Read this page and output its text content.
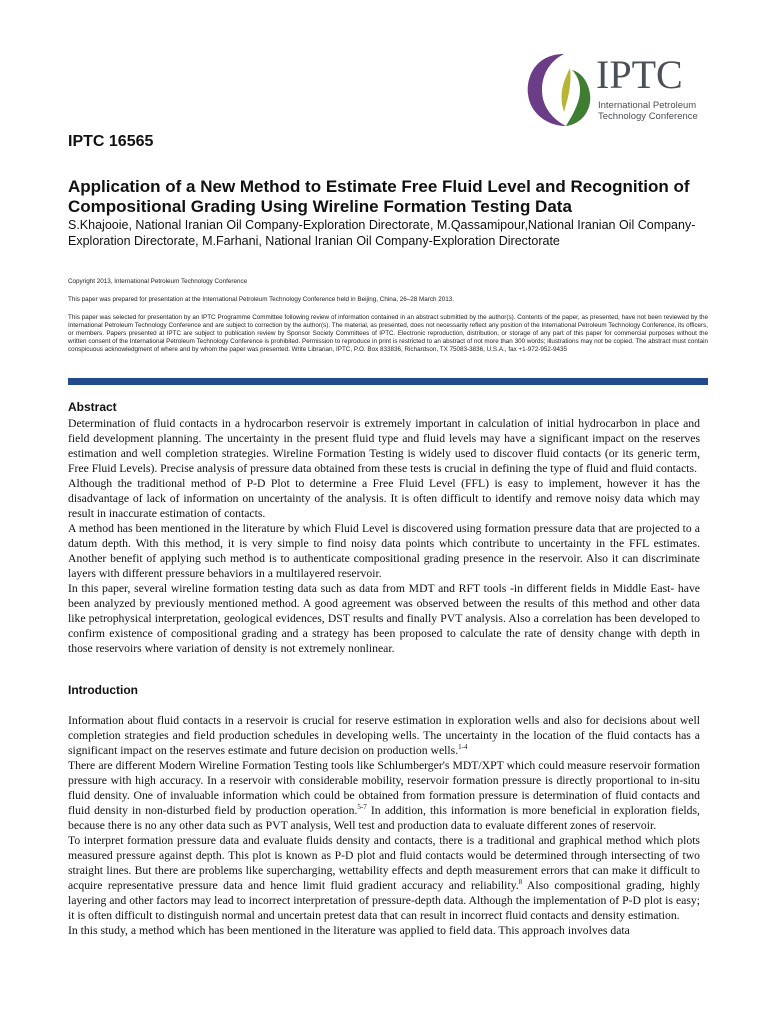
IPTC
International Petroleum
Technology Conference
IPTC 16565
Application of a New Method to Estimate Free Fluid Level and Recognition of Compositional Grading Using Wireline Formation Testing Data
S.Khajooie, National Iranian Oil Company-Exploration Directorate, M.Qassamipour,National Iranian Oil Company-Exploration Directorate, M.Farhani, National Iranian Oil Company-Exploration Directorate
Copyright 2013, International Petroleum Technology Conference
This paper was prepared for presentation at the International Petroleum Technology Conference held in Beijing, China, 26–28 March 2013.
This paper was selected for presentation by an IPTC Programme Committee following review of information contained in an abstract submitted by the author(s). Contents of the paper, as presented, have not been reviewed by the International Petroleum Technology Conference and are subject to correction by the author(s). The material, as presented, does not necessarily reflect any position of the International Petroleum Technology Conference, its officers, or members. Papers presented at IPTC are subject to publication review by Sponsor Society Committees of IPTC. Electronic reproduction, distribution, or storage of any part of this paper for commercial purposes without the written consent of the International Petroleum Technology Conference is prohibited. Permission to reproduce in print is restricted to an abstract of not more than 300 words; illustrations may not be copied. The abstract must contain conspicuous acknowledgment of where and by whom the paper was presented. Write Librarian, IPTC, P.O. Box 833836, Richardson, TX 75083-3836, U.S.A., fax +1-972-952-9435
Abstract

Determination of fluid contacts in a hydrocarbon reservoir is extremely important in calculation of initial hydrocarbon in place and field development planning. The uncertainty in the present fluid type and fluid levels may have a significant impact on the reserves estimation and well completion strategies. Wireline Formation Testing is widely used to discover fluid contacts (or its generic term, Free Fluid Levels). Precise analysis of pressure data obtained from these tests is crucial in defining the type of fluid and fluid contacts.

Although the traditional method of P-D Plot to determine a Free Fluid Level (FFL) is easy to implement, however it has the disadvantage of lack of information on uncertainty of the analysis. It is often difficult to identify and remove noisy data which may result in inaccurate estimation of contacts.

A method has been mentioned in the literature by which Fluid Level is discovered using formation pressure data that are projected to a datum depth. With this method, it is very simple to find noisy data points which contribute to uncertainty in the FFL estimates. Another benefit of applying such method is to authenticate compositional grading presence in the reservoir. Also it can discriminate layers with different pressure behaviors in a multilayered reservoir.

In this paper, several wireline formation testing data such as data from MDT and RFT tools -in different fields in Middle East- have been analyzed by previously mentioned method. A good agreement was observed between the results of this method and other data like petrophysical interpretation, geological evidences, DST results and finally PVT analysis. Also a correlation has been developed to confirm existence of compositional grading and a strategy has been proposed to calculate the rate of density change with depth in those reservoirs where variation of density is not extremely nonlinear.

Introduction

Information about fluid contacts in a reservoir is crucial for reserve estimation in exploration wells and also for decisions about well completion strategies and field production schedules in developing wells. The uncertainty in the location of the fluid contacts has a significant impact on the reserves estimate and future decision on production wells.$^{1-4}$

There are different Modern Wireline Formation Testing tools like Schlumberger's MDT/XPT which could measure reservoir formation pressure with high accuracy. In a reservoir with considerable mobility, reservoir formation pressure is directly proportional to in-situ fluid density. One of invaluable information which could be obtained from formation pressure is determination of fluid contacts and fluid density in non-disturbed field by production operation.$^{5-7}$ In addition, this information is more beneficial in exploration fields, because there is no any other data such as PVT analysis, Well test and production data to evaluate different zones of reservoir.

To interpret formation pressure data and evaluate fluids density and contacts, there is a traditional and graphical method which plots measured pressure against depth. This plot is known as P-D plot and fluid contacts would be determined through intersecting of two straight lines. But there are problems like supercharging, wettability effects and depth measurement errors that can make it difficult to acquire representative pressure data and hence limit fluid gradient accuracy and reliability.$^8$ Also compositional grading, highly layering and other factors may lead to incorrect interpretation of pressure-depth data. Although the implementation of P-D plot is easy; it is often difficult to distinguish normal and uncertain pretest data that can result in incorrect fluid contacts and density estimation.

In this study, a method which has been mentioned in the literature was applied to field data. This approach involves data
